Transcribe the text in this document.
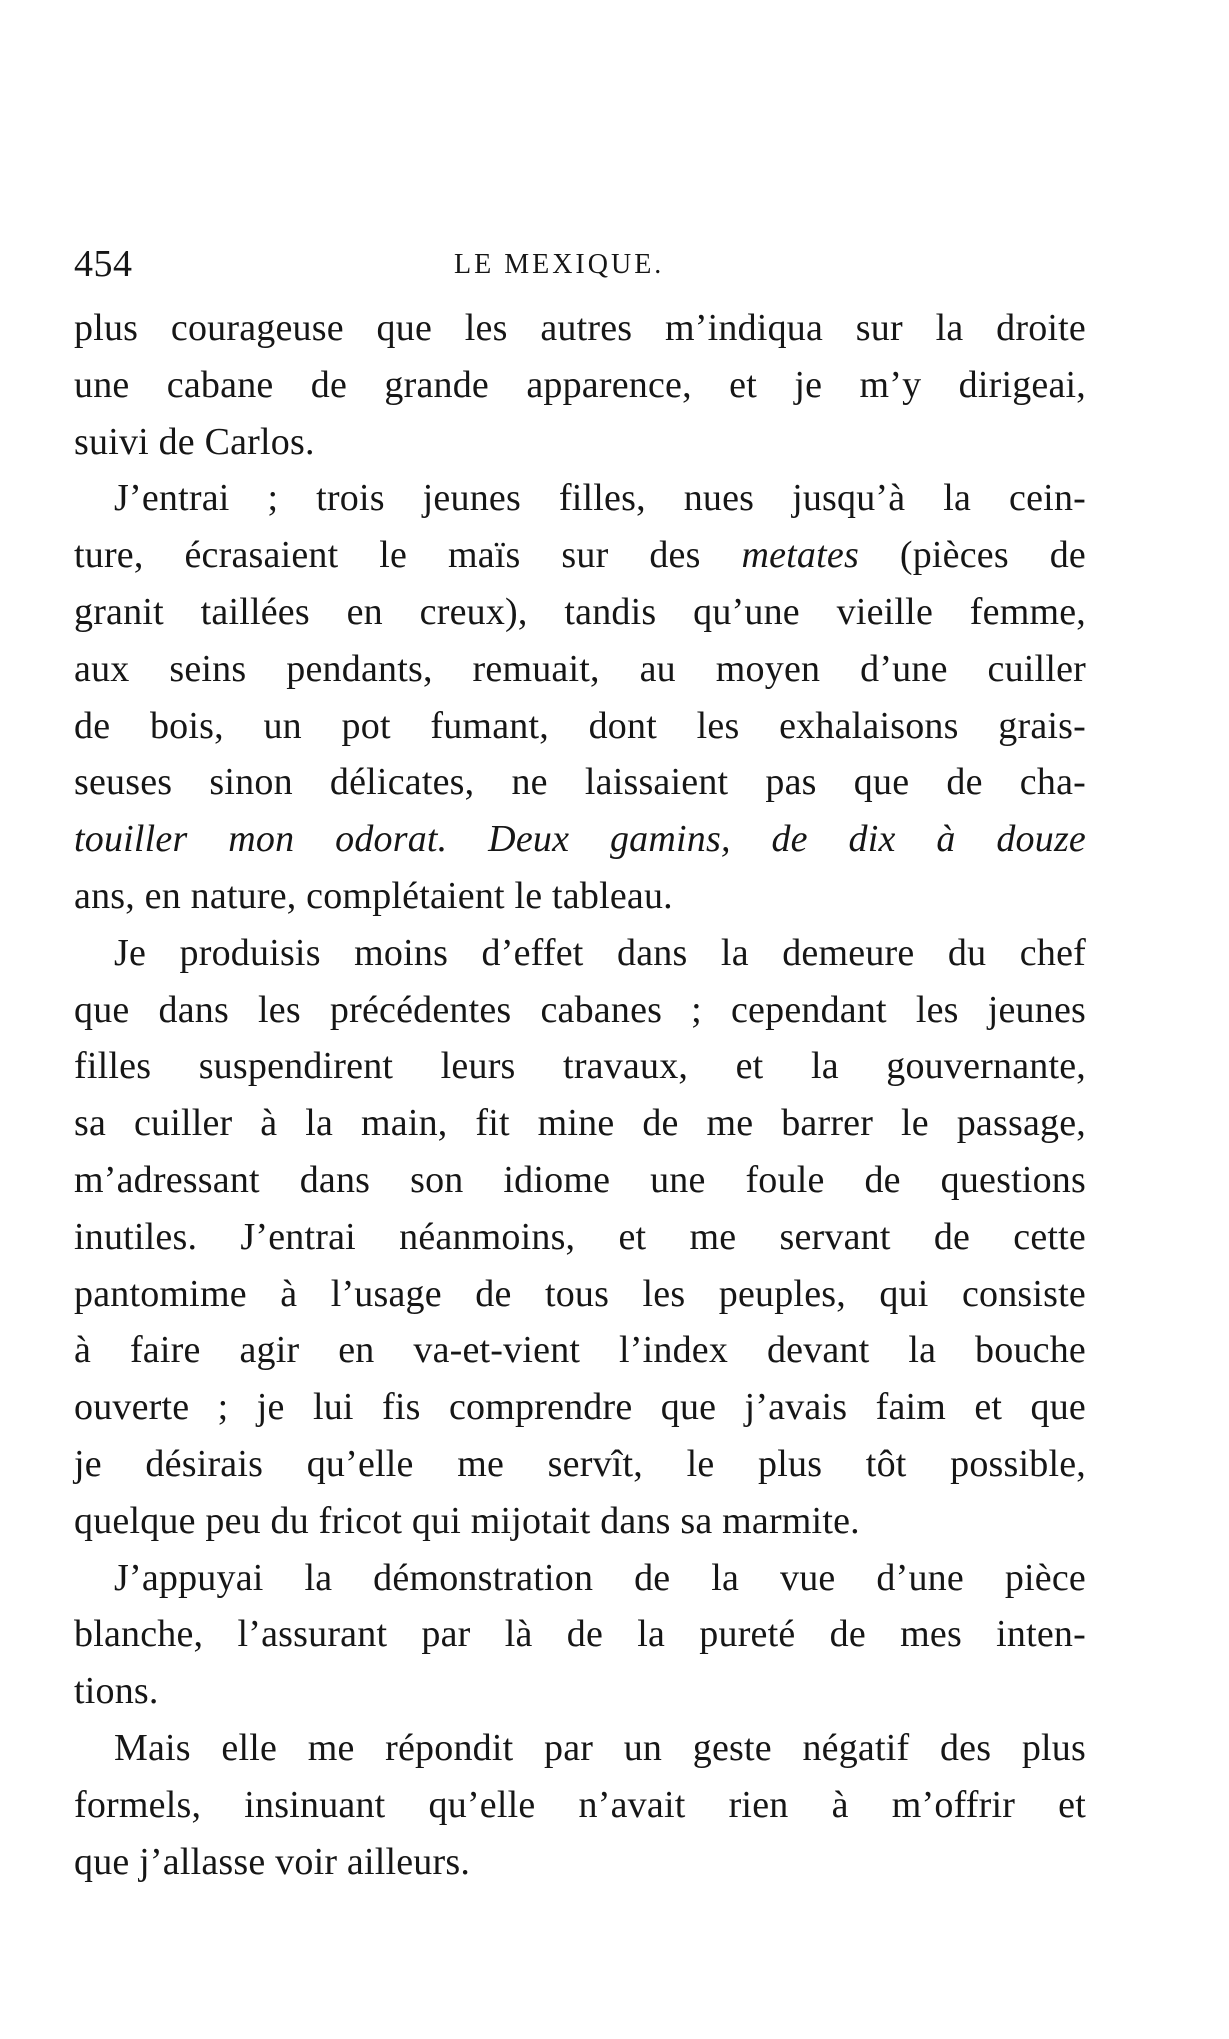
454	LE MEXIQUE.

plus courageuse que les autres m’indiqua sur la droite
une cabane de grande apparence, et je m’y dirigeai,
suivi de Carlos.

J’entrai ; trois jeunes filles, nues jusqu’à la cein-
ture, écrasaient le maïs sur des metates (pièces de
granit taillées en creux), tandis qu’une vieille femme,
aux seins pendants, remuait, au moyen d’une cuiller
de bois, un pot fumant, dont les exhalaisons grais-
seuses sinon délicates, ne laissaient pas que de cha-
touiller mon odorat. Deux gamins, de dix à douze
ans, en nature, complétaient le tableau.

Je produisis moins d’effet dans la demeure du chef
que dans les précédentes cabanes ; cependant les jeunes
filles suspendirent leurs travaux, et la gouvernante,
sa cuiller à la main, fit mine de me barrer le passage,
m’adressant dans son idiome une foule de questions
inutiles. J’entrai néanmoins, et me servant de cette
pantomime à l’usage de tous les peuples, qui consiste
à faire agir en va-et-vient l’index devant la bouche
ouverte ; je lui fis comprendre que j’avais faim et que
je désirais qu’elle me servît, le plus tôt possible,
quelque peu du fricot qui mijotait dans sa marmite.

J’appuyai la démonstration de la vue d’une pièce
blanche, l’assurant par là de la pureté de mes inten-
tions.

Mais elle me répondit par un geste négatif des plus
formels, insinuant qu’elle n’avait rien à m’offrir et
que j’allasse voir ailleurs.
